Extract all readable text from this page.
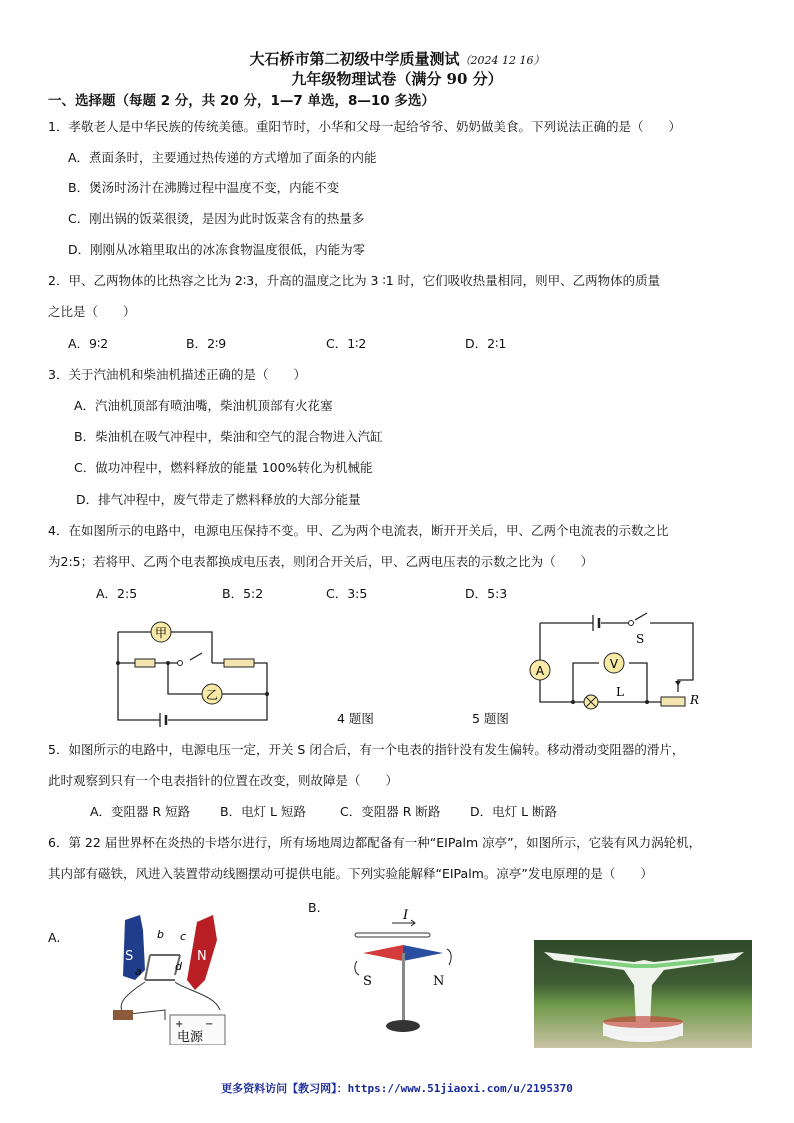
大石桥市第二初级中学质量测试（2024 12 16）
九年级物理试卷（满分 90 分）
一、选择题（每题 2 分，共 20 分，1—7 单选，8—10 多选）
1．孝敬老人是中华民族的传统美德。重阳节时，小华和父母一起给爷爷、奶奶做美食。下列说法正确的是（　　）
A．煮面条时，主要通过热传递的方式增加了面条的内能
B．煲汤时汤汁在沸腾过程中温度不变，内能不变
C．刚出锅的饭菜很烫，是因为此时饭菜含有的热量多
D．刚刚从冰箱里取出的冰冻食物温度很低，内能为零
2．甲、乙两物体的比热容之比为 2∶3，升高的温度之比为 3 ∶1 时，它们吸收热量相同，则甲、乙两物体的质量
之比是（　　）
A．9∶2	B．2∶9	C．1∶2	D．2∶1
3．关于汽油机和柴油机描述正确的是（　　）
A．汽油机顶部有喷油嘴，柴油机顶部有火花塞
B．柴油机在吸气冲程中，柴油和空气的混合物进入汽缸
C．做功冲程中，燃料释放的能量 100%转化为机械能
D．排气冲程中，废气带走了燃料释放的大部分能量
4．在如图所示的电路中，电源电压保持不变。甲、乙为两个电流表，断开开关后，甲、乙两个电流表的示数之比
为2:5；若将甲、乙两个电表都换成电压表，则闭合开关后，甲、乙两电压表的示数之比为（　　）
A．2:5	B．5:2	C．3:5	D．5:3
甲
乙
4 题图	5 题图
S
A	V
L
R
5．如图所示的电路中，电源电压一定，开关 S 闭合后，有一个电表的指针没有发生偏转。移动滑动变阻器的滑片，
此时观察到只有一个电表指针的位置在改变，则故障是（　　）
A．变阻器 R 短路 B．电灯 L 短路	C．变阻器 R 断路 D．电灯 L 断路
6．第 22 届世界杯在炎热的卡塔尔进行，所有场地周边都配备有一种“EIPalm 凉亭”，如图所示，它装有风力涡轮机，
其内部有磁铁，风进入装置带动线圈摆动可提供电能。下列实验能解释“EIPalm。凉亭”发电原理的是（　　）
B.
A.
S	N
a
b c
d
+ −
电源
I
S	N
更多资料访问【教习网】：https://www.51jiaoxi.com/u/2195370
